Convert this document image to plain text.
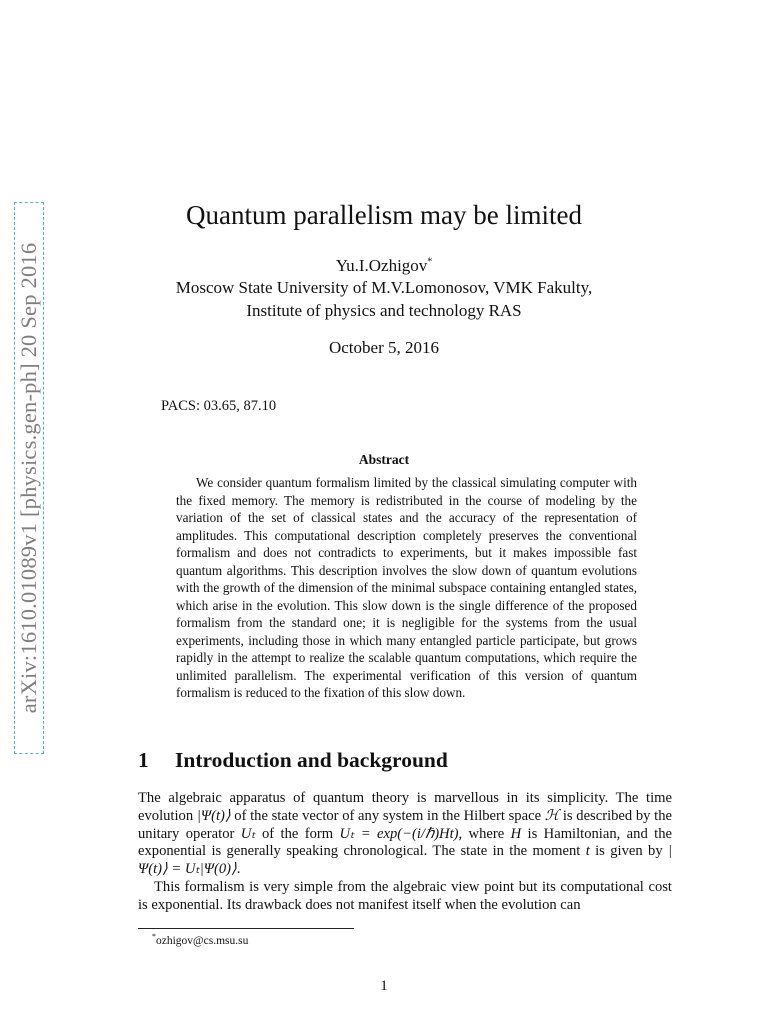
arXiv:1610.01089v1 [physics.gen-ph] 20 Sep 2016
Quantum parallelism may be limited
Yu.I.Ozhigov*
Moscow State University of M.V.Lomonosov, VMK Fakulty,
Institute of physics and technology RAS
October 5, 2016
PACS: 03.65, 87.10
Abstract
We consider quantum formalism limited by the classical simulating computer with the fixed memory. The memory is redistributed in the course of modeling by the variation of the set of classical states and the accuracy of the representation of amplitudes. This computational description completely preserves the conventional formalism and does not contradicts to experiments, but it makes impossible fast quantum algorithms. This description involves the slow down of quantum evolutions with the growth of the dimension of the minimal subspace containing entangled states, which arise in the evolution. This slow down is the single difference of the proposed formalism from the standard one; it is negligible for the systems from the usual experiments, including those in which many entangled particle participate, but grows rapidly in the attempt to realize the scalable quantum computations, which require the unlimited parallelism. The experimental verification of this version of quantum formalism is reduced to the fixation of this slow down.
1 Introduction and background

The algebraic apparatus of quantum theory is marvellous in its simplicity. The time evolution |Ψ(t)⟩ of the state vector of any system in the Hilbert space ℋ is described by the unitary operator Uₜ of the form Uₜ = exp(−(i/ℏ)Ht), where H is Hamiltonian, and the exponential is generally speaking chronological. The state in the moment t is given by |Ψ(t)⟩ = Uₜ|Ψ(0)⟩.

This formalism is very simple from the algebraic view point but its computational cost is exponential. Its drawback does not manifest itself when the evolution can

*ozhigov@cs.msu.su
1
